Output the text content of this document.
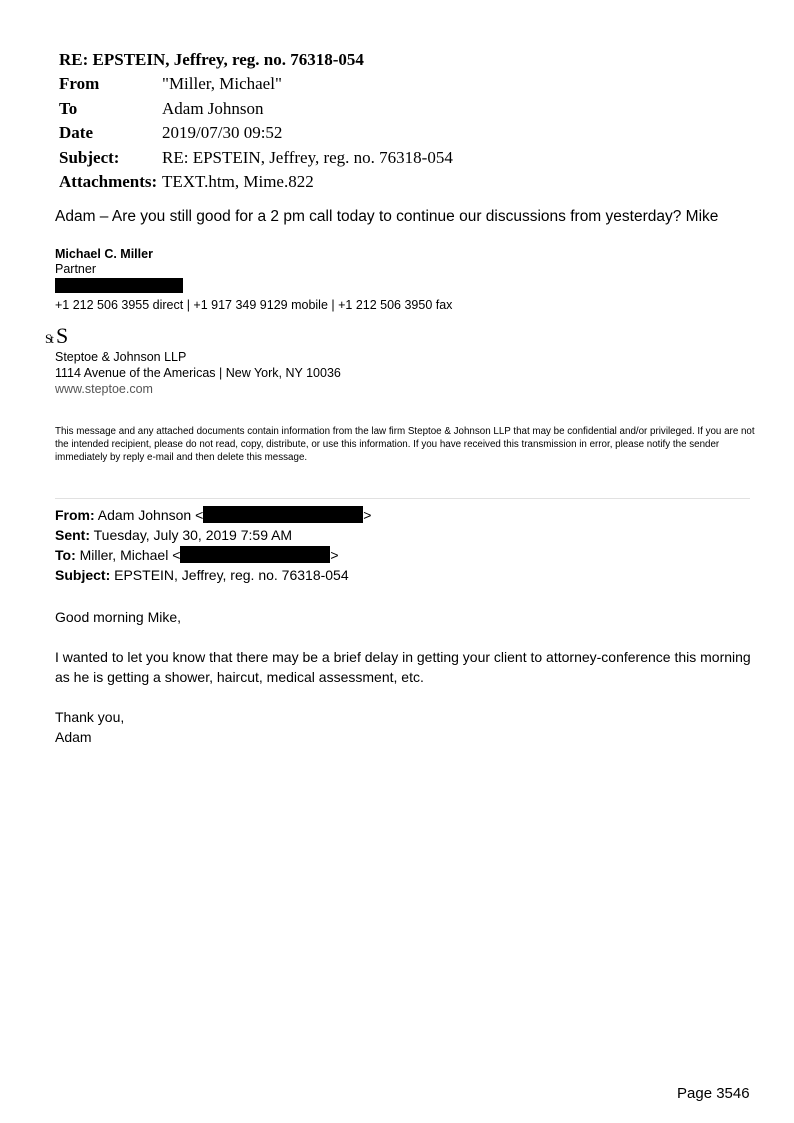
RE: EPSTEIN, Jeffrey, reg. no. 76318-054
From	"Miller, Michael"
To	Adam Johnson
Date	2019/07/30 09:52
Subject:	RE: EPSTEIN, Jeffrey, reg. no. 76318-054
Attachments:	TEXT.htm, Mime.822
Adam – Are you still good for a 2 pm call today to continue our discussions from yesterday? Mike
Michael C. Miller
Partner
+1 212 506 3955 direct | +1 917 349 9129 mobile | +1 212 506 3950 fax
St S
Steptoe & Johnson LLP
1114 Avenue of the Americas | New York, NY 10036
www.steptoe.com
This message and any attached documents contain information from the law firm Steptoe & Johnson LLP that may be confidential and/or privileged. If you are not the intended recipient, please do not read, copy, distribute, or use this information. If you have received this transmission in error, please notify the sender immediately by reply e-mail and then delete this message.
From: Adam Johnson <	>
Sent: Tuesday, July 30, 2019 7:59 AM
To: Miller, Michael <	>
Subject: EPSTEIN, Jeffrey, reg. no. 76318-054

Good morning Mike,

I wanted to let you know that there may be a brief delay in getting your client to attorney-conference this morning as he is getting a shower, haircut, medical assessment, etc.

Thank you,
Adam
Page 3546
